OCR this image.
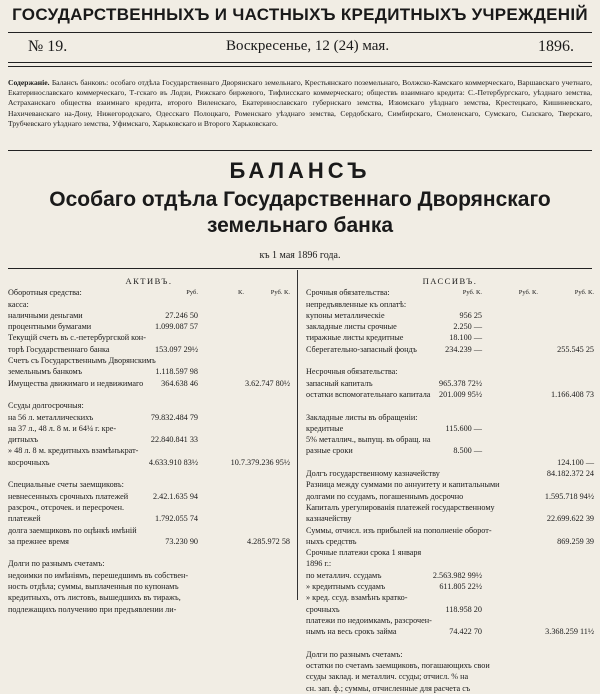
ГОСУДАРСТВЕННЫХЪ И ЧАСТНЫХЪ КРЕДИТНЫХЪ УЧРЕЖДЕНІЙ
№ 19.	Воскресенье, 12 (24) мая.	1896.
Содержаніе. Балансъ банковъ: особаго отдѣла Государственнаго Дворянскаго земельнаго, Крестьянскаго поземельнаго, Волжско-Камскаго коммерческаго, Варшавскаго учетнаго, Екатеринославскаго коммерческаго, Т-гскаго въ Лодзи, Рижскаго биржевого, Тифлисскаго коммерческаго; обществъ взаимнаго кредита: С.-Петербургскаго, уѣзднаго земства, Астраханскаго общества взаимнаго кредита, второго Виленскаго, Екатеринославскаго губернскаго земства, Изюмскаго уѣзднаго земства, Крестецкаго, Кишиневскаго, Нахичеванскаго на-Дону, Нижегородскаго, Одесскаго Полоцкаго, Роменскаго уѣзднаго земства, Сердобскаго, Симбирскаго, Смоленскаго, Сумскаго, Сызскаго, Тверскаго, Трубчевскаго уѣзднаго земства, Уфимскаго, Харьковскаго и Второго Харьковскаго.
БАЛАНСЪ
Особаго отдѣла Государственнаго Дворянскаго
земельнаго банка
къ 1 мая 1896 года.
АКТИВЪ.
Оборотныя средства:	Руб.	К.	Руб. К.
касса:
наличными деньгами	27.246 50
процентными бумагами	1.099.087 57
Текущій счетъ въ с.-петербургской кон-
торѣ Государственнаго банка	153.097 29½
Счетъ съ Государственнымъ Дворянскимъ
земельнымъ банкомъ	1.118.597 98
Имущества движимаго и недвижимаго	364.638 46	3.62.747 80½
Ссуды долгосрочныя:
на 56 л. металлическихъ	79.832.484 79
на 37 л., 48 л. 8 м. и 64¼ г. кре-
дитныхъ	22.840.841 33
» 48 л. 8 м. кредитныхъ взамѣнъкрат-
косрочныхъ	4.633.910 83½	10.7.379.236 95½
Специальные счеты заемщиковъ:
невнесенныхъ срочныхъ платежей	2.42.1.635 94
разсроч., отсрочек. и пересрочен.
платежей	1.792.055 74
долга заемщиковъ по оцѣнкѣ имѣній
за прежнее время	73.230 90	4.285.972 58
Долги по разнымъ счетамъ:
недоимки по имѣніямъ, перешедшимъ въ собствен-
ность отдѣла; суммы, выплаченныя по купонамъ
кредитныхъ, отъ листовъ, вышедшихъ въ тиражъ,
подлежащихъ получению при предъявлении ли-
ПАССИВЪ.
Срочныя обязательства:	Руб. К.	Руб. К.	Руб. К.
непредъявленные къ оплатѣ:
купоны металлическіе	956 25
закладные листы срочные	2.250 —
тиражные листы кредитные	18.100 —
Сберегательно-запасный фондъ	234.239 —	255.545 25
Несрочныя обязательства:
запасный капиталъ	965.378 72½
остатки вспомогательнаго капитала	201.009 95½	1.166.408 73
Закладные листы въ обращеніи:
кредитные	115.600 —
5% металлич., выпущ. въ обращ. на
разные сроки	8.500 —
124.100 —
Долгъ государственному казначейству	84.182.372 24
Разница между суммами по аннуитету и капитальными
долгами по ссудамъ, погашеннымъ досрочно	1.595.718 94½
Капиталъ урегулированія платежей государственному
казначейству	22.699.622 39
Суммы, отчисл. изъ прибылей на пополненіе оборот-
ныхъ средствъ	869.259 39
Срочные платежи срока 1 января
1896 г.:
по металлич. ссудамъ	2.563.982 99½
» кредитнымъ ссудамъ	611.805 22½
» кред. ссуд. взамѣнъ кратко-
срочныхъ	118.958 20
платежи по недоимкамъ, разсрочен-
нымъ на весь срокъ займа	74.422 70	3.368.259 11½
Долги по разнымъ счетамъ:
остатки по счетамъ заемщиковъ, погашающихъ свои
ссуды заклад. и металлич. ссуды; отчисл. % на
сн. зап. ф.; суммы, отчисленные для расчета съ
